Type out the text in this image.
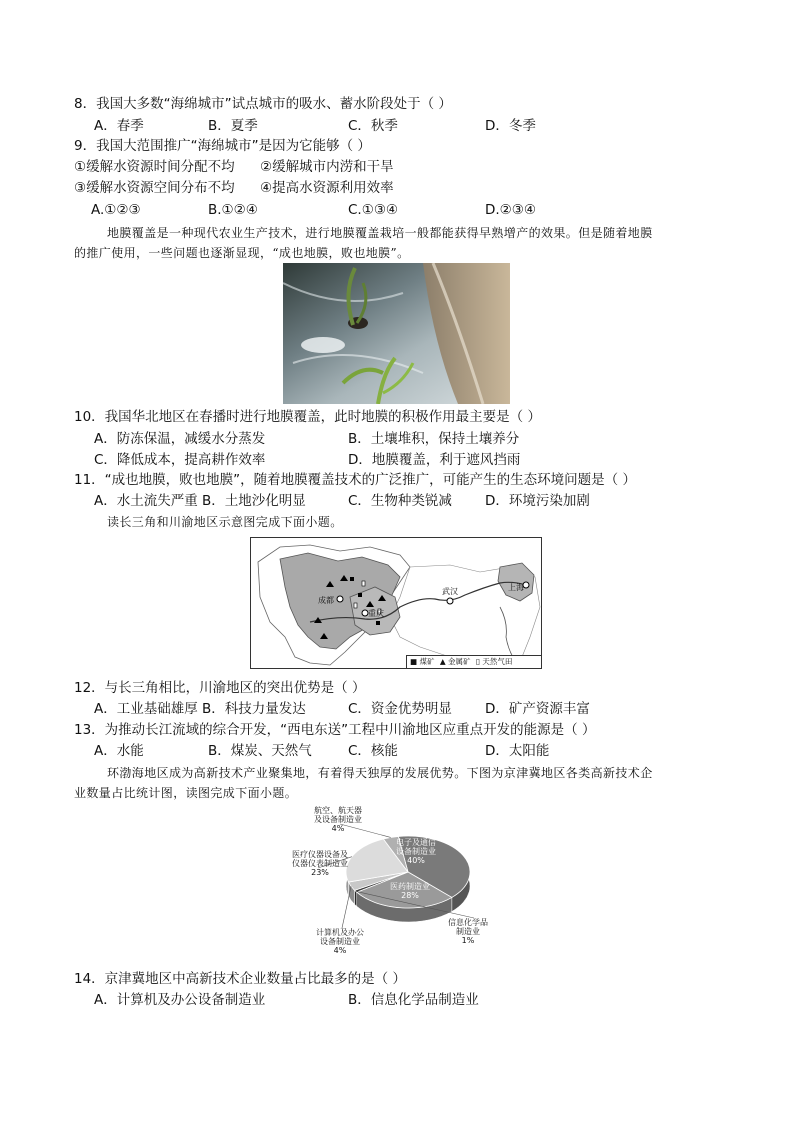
8．我国大多数“海绵城市”试点城市的吸水、蓄水阶段处于（ ）
A．春季	B．夏季	C．秋季	D．冬季
9．我国大范围推广“海绵城市”是因为它能够（ ）
①缓解水资源时间分配不均 ②缓解城市内涝和干旱
③缓解水资源空间分布不均 ④提高水资源利用效率
A.①②③	B.①②④	C.①③④	D.②③④
地膜覆盖是一种现代农业生产技术，进行地膜覆盖栽培一般都能获得早熟增产的效果。但是随着地膜
的推广使用，一些问题也逐渐显现，“成也地膜，败也地膜”。
10．我国华北地区在春播时进行地膜覆盖，此时地膜的积极作用最主要是（ ）
A．防冻保温，减缓水分蒸发	B．土壤堆积，保持土壤养分
C．降低成本，提高耕作效率	D．地膜覆盖，利于遮风挡雨
11．“成也地膜，败也地膜”，随着地膜覆盖技术的广泛推广，可能产生的生态环境问题是（ ）
A．水土流失严重 B．土地沙化明显	C．生物种类锐减 D．环境污染加剧
读长三角和川渝地区示意图完成下面小题。
成都
重庆
武汉	上海
■ 煤矿 ▲ 金属矿 ▯ 天然气田
12．与长三角相比，川渝地区的突出优势是（ ）
A．工业基础雄厚 B．科技力量发达	C．资金优势明显 D．矿产资源丰富
13．为推动长江流域的综合开发，“西电东送”工程中川渝地区应重点开发的能源是（ ）
A．水能	B．煤炭、天然气	C．核能	D．太阳能
环渤海地区成为高新技术产业聚集地，有着得天独厚的发展优势。下图为京津冀地区各类高新技术企
业数量占比统计图，读图完成下面小题。
电子及通信
设备制造业
40%
医药制造业
28%
信息化学品
制造业
1%
计算机及办公
设备制造业
4%
医疗仪器设备及
仪器仪表制造业
23%
航空、航天器
及设备制造业
4%
14．京津冀地区中高新技术企业数量占比最多的是（ ）
A．计算机及办公设备制造业	B．信息化学品制造业
